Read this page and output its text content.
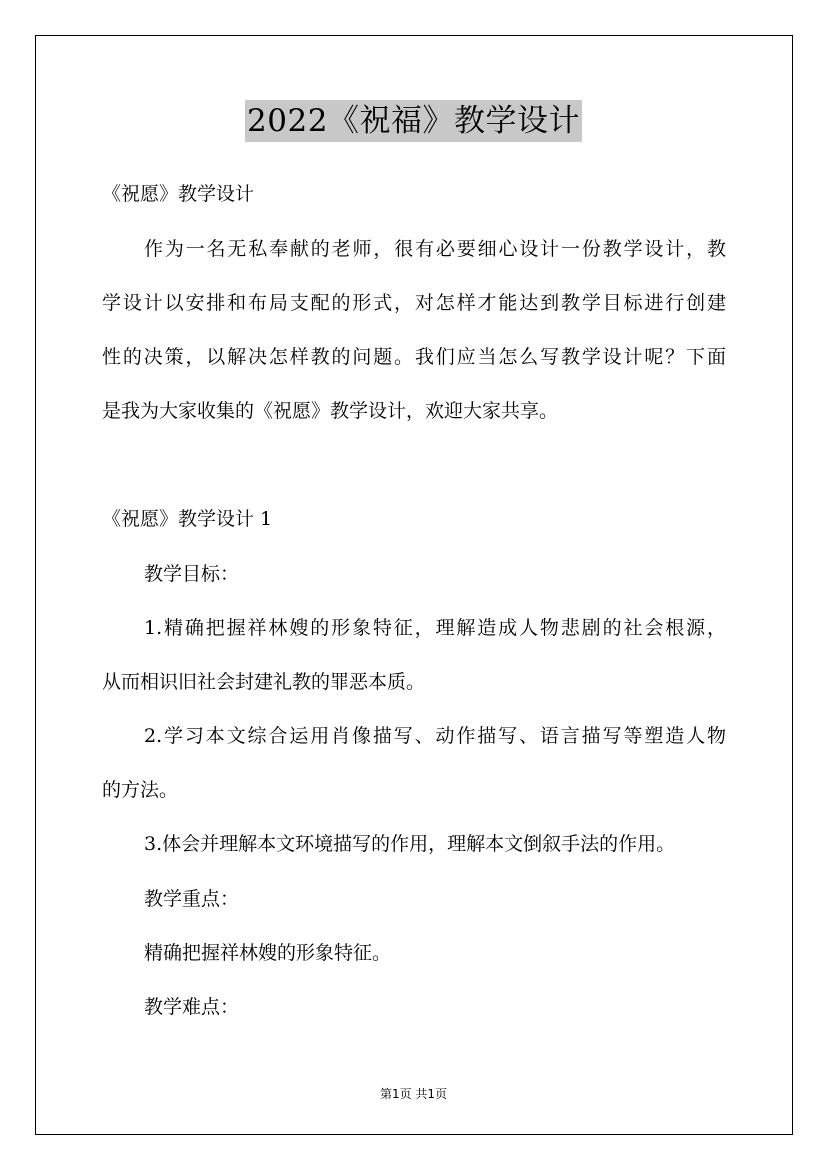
2022《祝福》教学设计
《祝愿》教学设计
作为一名无私奉献的老师，很有必要细心设计一份教学设计，教
学设计以安排和布局支配的形式，对怎样才能达到教学目标进行创建
性的决策，以解决怎样教的问题。我们应当怎么写教学设计呢？下面
是我为大家收集的《祝愿》教学设计，欢迎大家共享。
《祝愿》教学设计 1
教学目标：
1.精确把握祥林嫂的形象特征，理解造成人物悲剧的社会根源，
从而相识旧社会封建礼教的罪恶本质。
2.学习本文综合运用肖像描写、动作描写、语言描写等塑造人物
的方法。
3.体会并理解本文环境描写的作用，理解本文倒叙手法的作用。
教学重点：
精确把握祥林嫂的形象特征。
教学难点：
第1页 共1页
